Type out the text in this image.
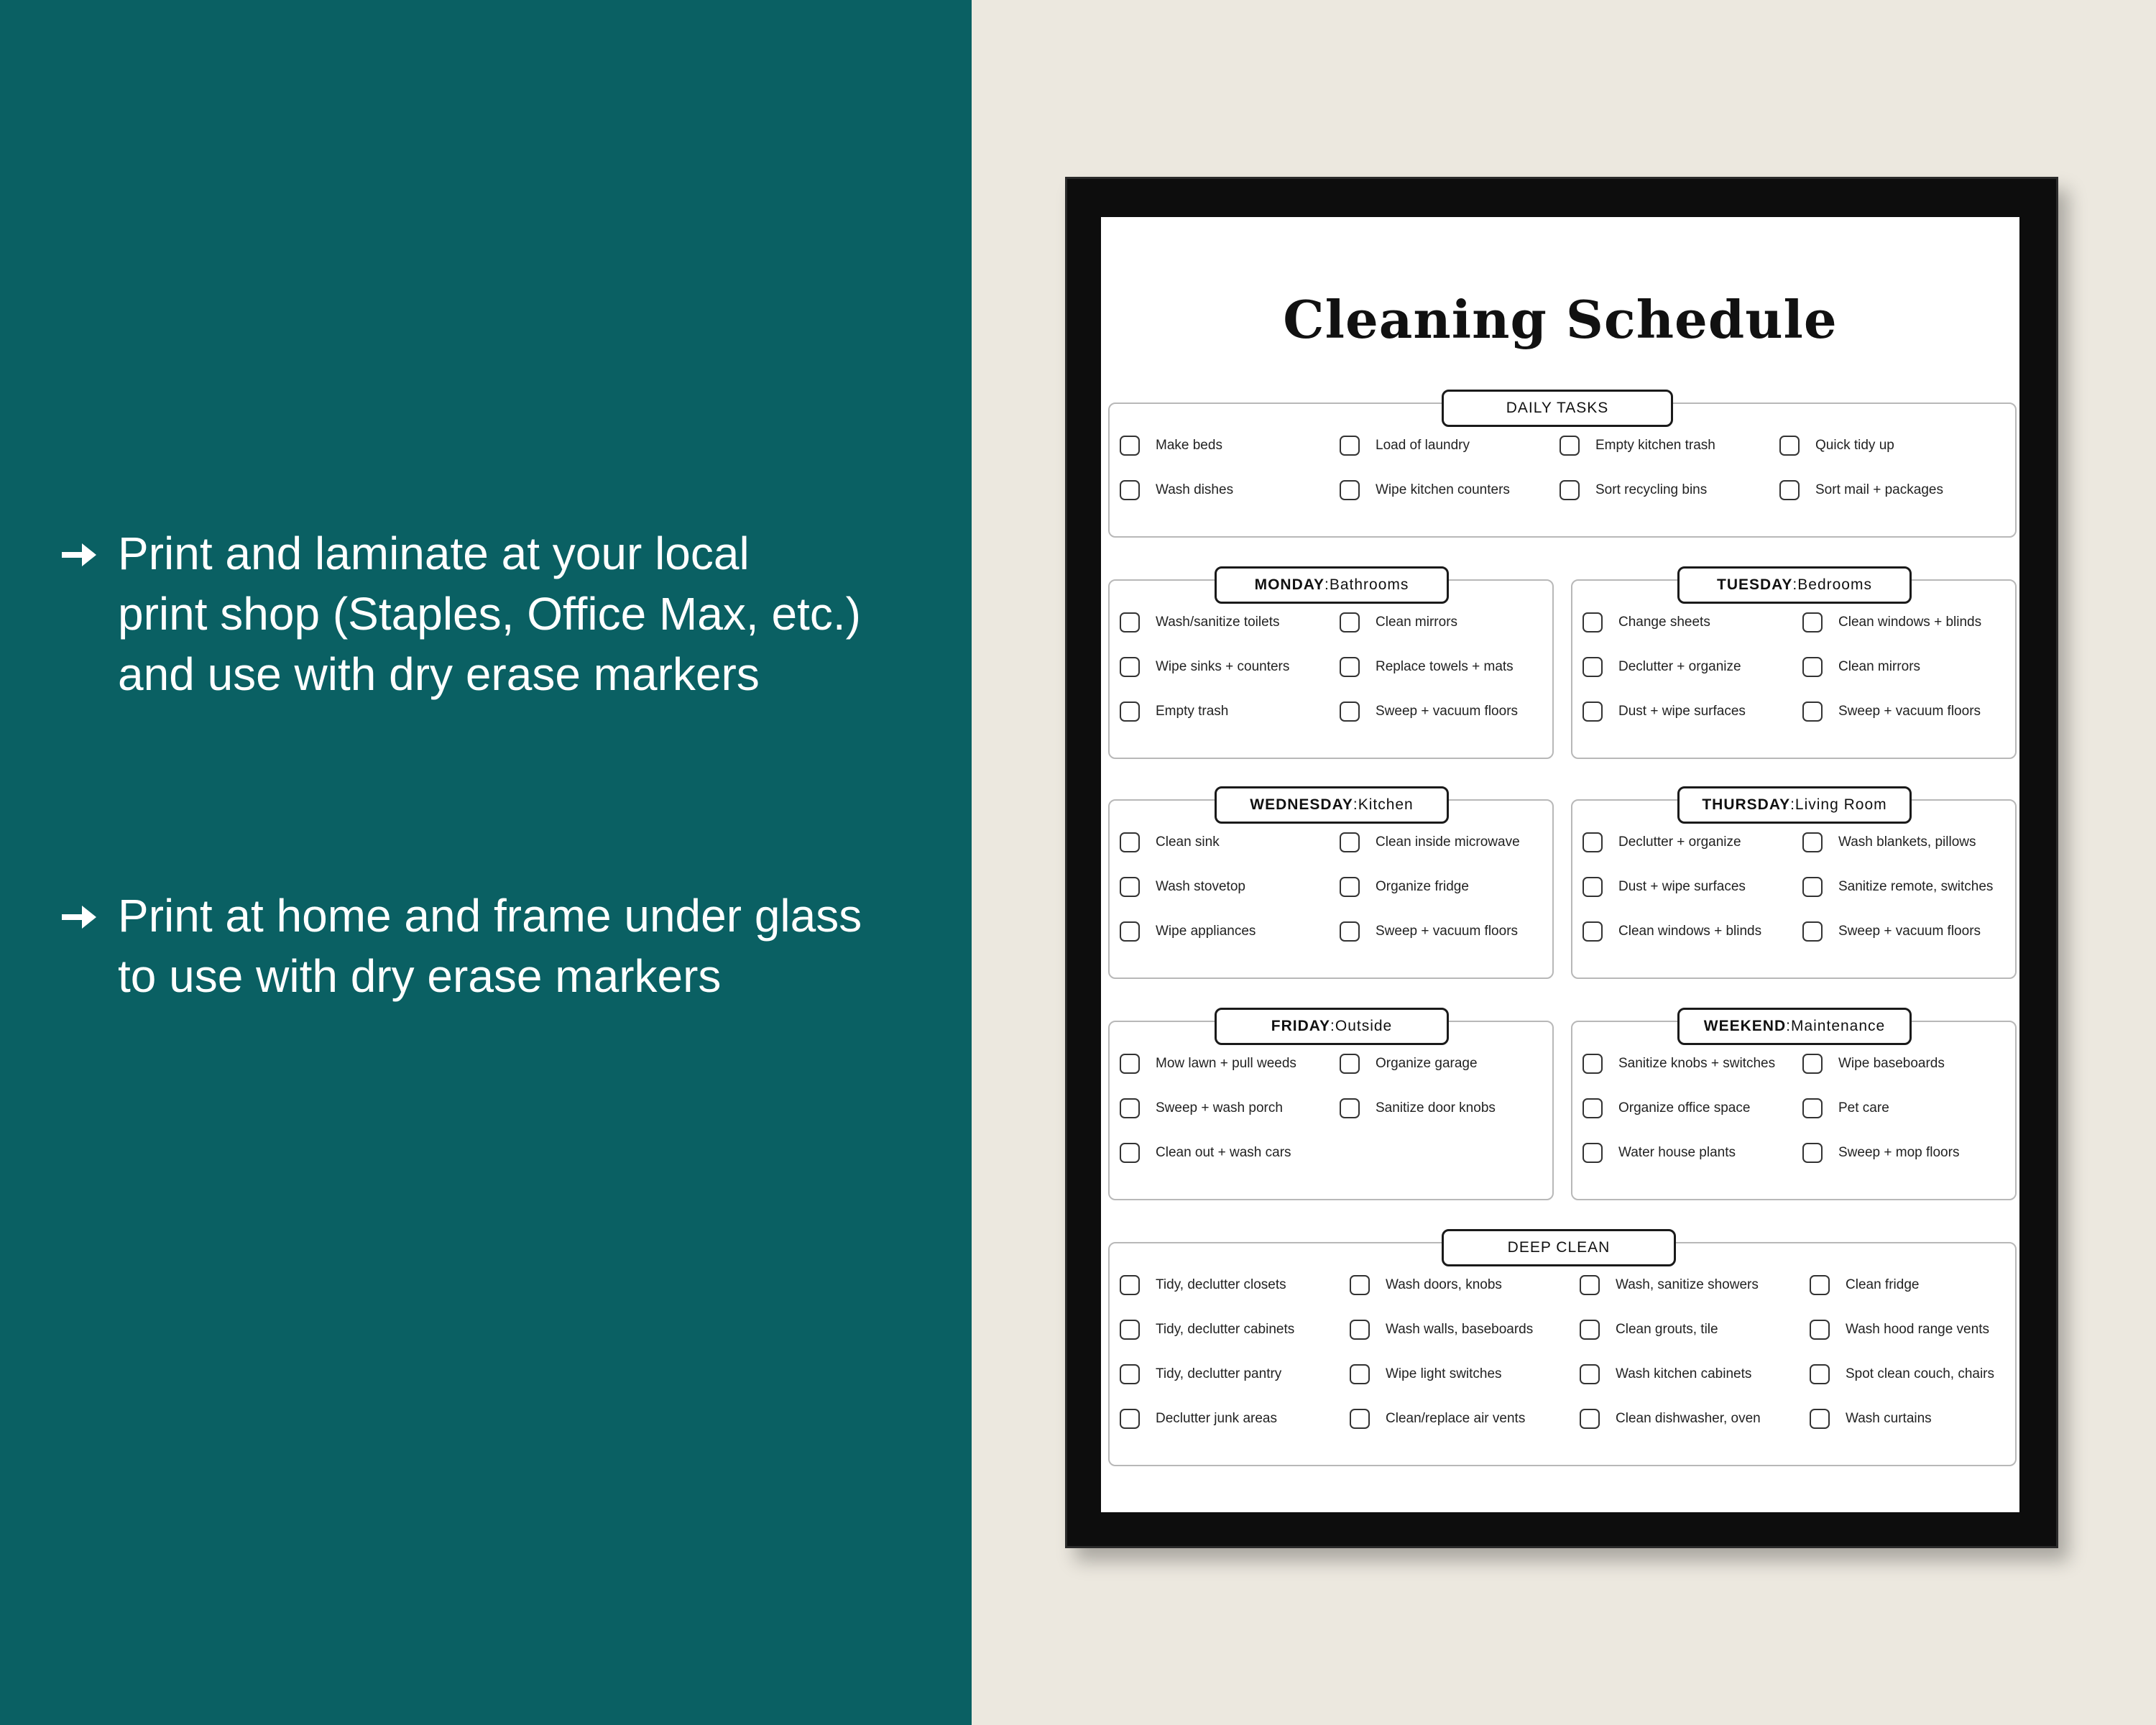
Print and laminate at your local
print shop (Staples, Office Max, etc.)
and use with dry erase markers
Print at home and frame under glass
to use with dry erase markers
Cleaning Schedule
DAILY TASKS
Make beds	Load of laundry	Empty kitchen trash	Quick tidy up
Wash dishes	Wipe kitchen counters	Sort recycling bins	Sort mail + packages
MONDAY : Bathrooms
Wash/sanitize toilets	Clean mirrors
Wipe sinks + counters	Replace towels + mats
Empty trash	Sweep + vacuum floors
TUESDAY : Bedrooms
Change sheets	Clean windows + blinds
Declutter + organize	Clean mirrors
Dust + wipe surfaces	Sweep + vacuum floors
WEDNESDAY : Kitchen
Clean sink	Clean inside microwave
Wash stovetop	Organize fridge
Wipe appliances	Sweep + vacuum floors
THURSDAY : Living Room
Declutter + organize	Wash blankets, pillows
Dust + wipe surfaces	Sanitize remote, switches
Clean windows + blinds	Sweep + vacuum floors
FRIDAY : Outside
Mow lawn + pull weeds	Organize garage
Sweep + wash porch	Sanitize door knobs
Clean out + wash cars
WEEKEND : Maintenance
Sanitize knobs + switches	Wipe baseboards
Organize office space	Pet care
Water house plants	Sweep + mop floors
DEEP CLEAN
Tidy, declutter closets	Wash doors, knobs	Wash, sanitize showers	Clean fridge
Tidy, declutter cabinets	Wash walls, baseboards	Clean grouts, tile	Wash hood range vents
Tidy, declutter pantry	Wipe light switches	Wash kitchen cabinets	Spot clean couch, chairs
Declutter junk areas	Clean/replace air vents	Clean dishwasher, oven	Wash curtains
